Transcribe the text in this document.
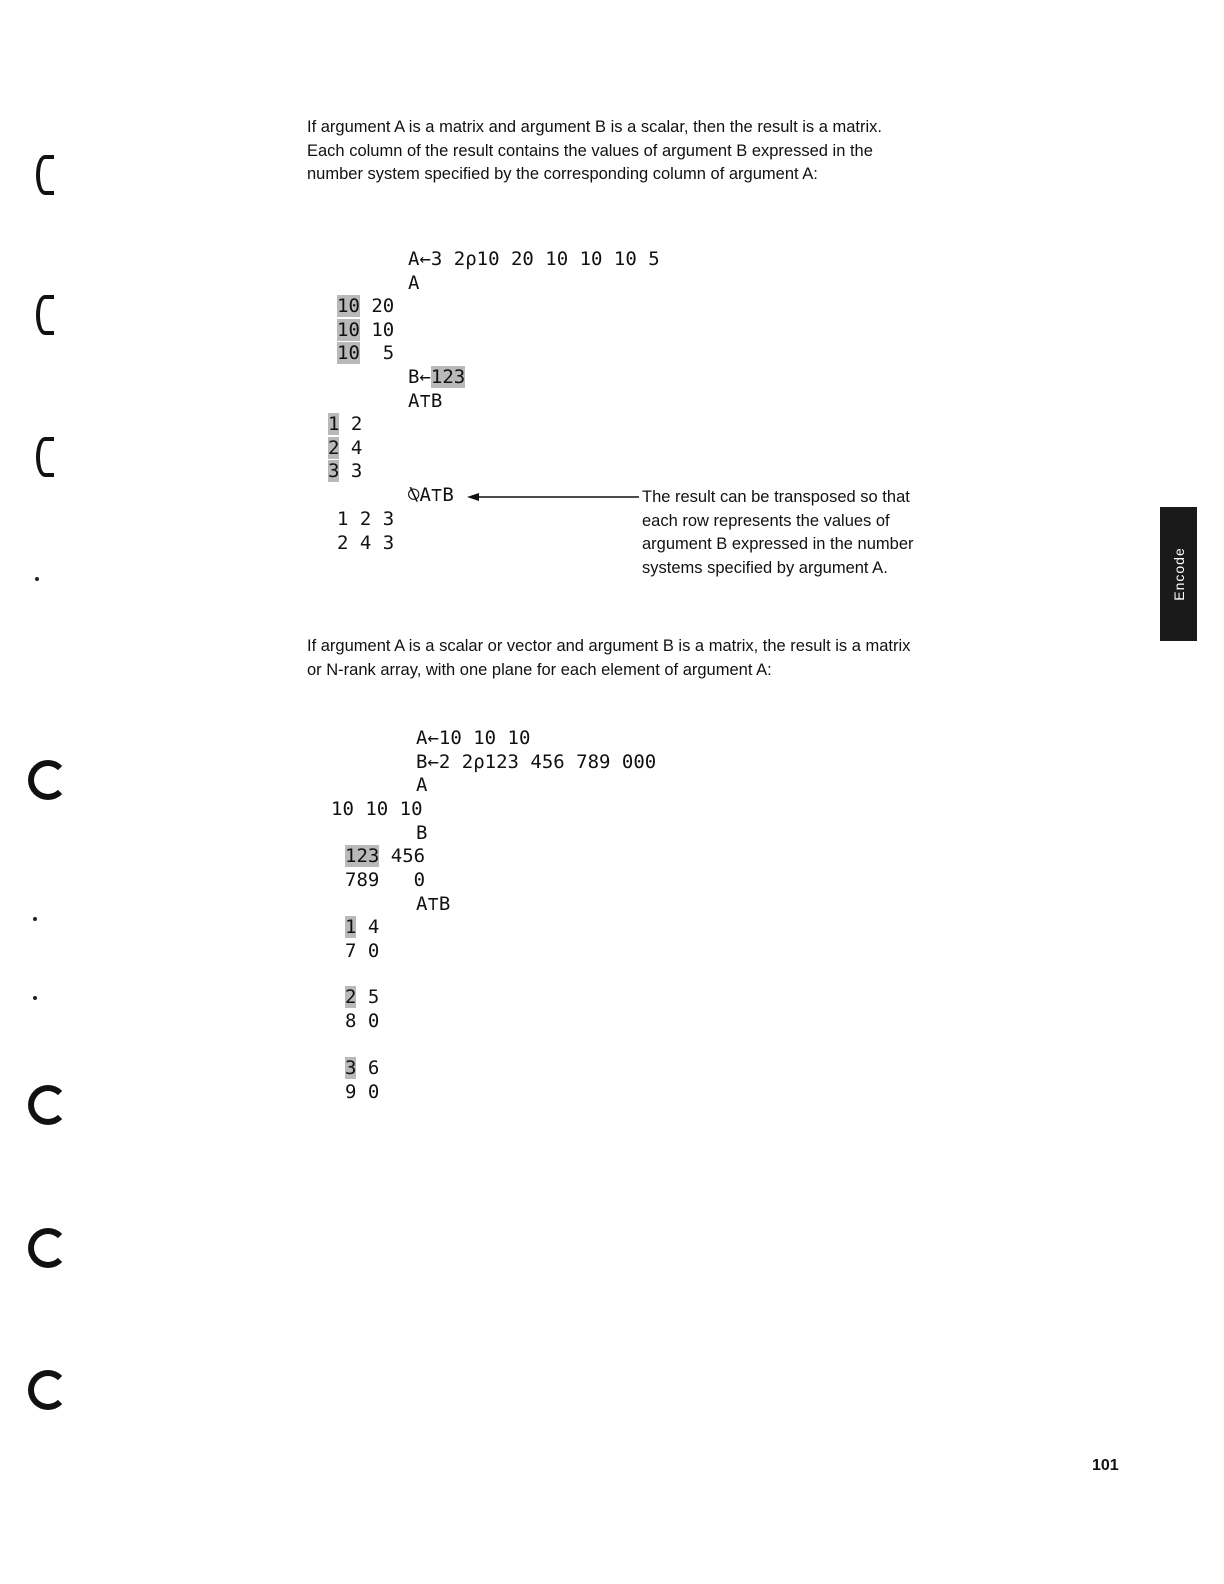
If argument A is a matrix and argument B is a scalar, then the result is a matrix.
Each column of the result contains the values of argument B expressed in the
number system specified by the corresponding column of argument A:

A←3 2⍴10 20 10 10 10 5
A
10 20
10 10
10  5
B←123
A⊤B
1 2
2 4
3 3
⍉A⊤B
1 2 3
2 4 3

The result can be transposed so that
each row represents the values of
argument B expressed in the number
systems specified by argument A.	Encode

If argument A is a scalar or vector and argument B is a matrix, the result is a matrix
or N-rank array, with one plane for each element of argument A:

A←10 10 10
B←2 2⍴123 456 789 000
A
10 10 10
B
123 456
789   0
A⊤B
1 4
7 0
2 5
8 0
3 6
9 0

101
